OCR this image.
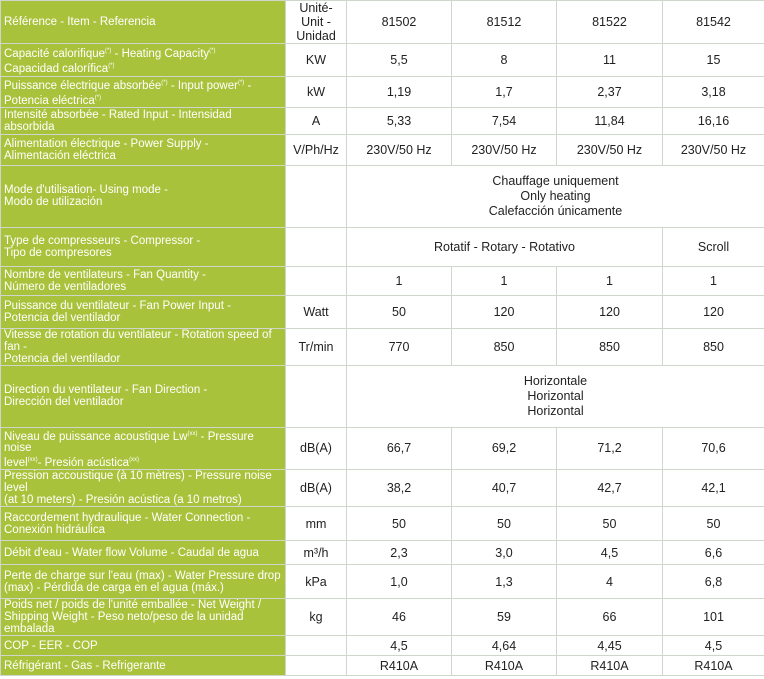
Référence - Item - Referencia	Unité-Unit -
Unidad	81502	81512	81522	81542

Capacité calorifique(*) - Heating Capacity(*)
Capacidad calorífica(*)	KW	5,5	8	11	15

Puissance électrique absorbée(*) - Input power(*) -
Potencia eléctrica(*)	kW	1,19	1,7	2,37	3,18

Intensité absorbée - Rated Input - Intensidad absorbida	A	5,33	7,54	11,84	16,16

Alimentation électrique - Power Supply -
Alimentación eléctrica	V/Ph/Hz	230V/50 Hz	230V/50 Hz	230V/50 Hz	230V/50 Hz

Mode d'utilisation- Using mode -
Modo de utilización		Chauffage uniquement
Only heating
Calefacción únicamente			

Type de compresseurs - Compressor -
Tipo de compresores		Rotatif - Rotary - Rotativo			Scroll

Nombre de ventilateurs - Fan Quantity -
Número de ventiladores		1	1	1	1

Puissance du ventilateur - Fan Power Input -
Potencia del ventilador	Watt	50	120	120	120

Vitesse de rotation du ventilateur - Rotation speed of fan -
Potencia del ventilador	Tr/min	770	850	850	850

Direction du ventilateur - Fan Direction -
Dirección del ventilador		Horizontale
Horizontal
Horizontal			

Niveau de puissance acoustique Lw$^{(xx)}$ - Pressure noise
level$^{(xx)}$- Presión acústica$^{(xx)}$	dB(A)	66,7	69,2	71,2	70,6

Pression accoustique (à 10 mètres) - Pressure noise level
(at 10 meters) - Presión acústica (a 10 metros)	dB(A)	38,2	40,7	42,7	42,1

Raccordement hydraulique - Water Connection -
Conexión hidráulica	mm	50	50	50	50

Débit d'eau - Water flow Volume - Caudal de agua	m³/h	2,3	3,0	4,5	6,6

Perte de charge sur l'eau (max) - Water Pressure drop
(max) - Pérdida de carga en el agua (máx.)	kPa	1,0	1,3	4	6,8

Poids net / poids de l'unité emballée - Net Weight /
Shipping Weight - Peso neto/peso de la unidad embalada	kg	46	59	66	101

COP - EER - COP		4,5	4,64	4,45	4,5

Réfrigérant - Gas - Refrigerante		R410A	R410A	R410A	R410A
